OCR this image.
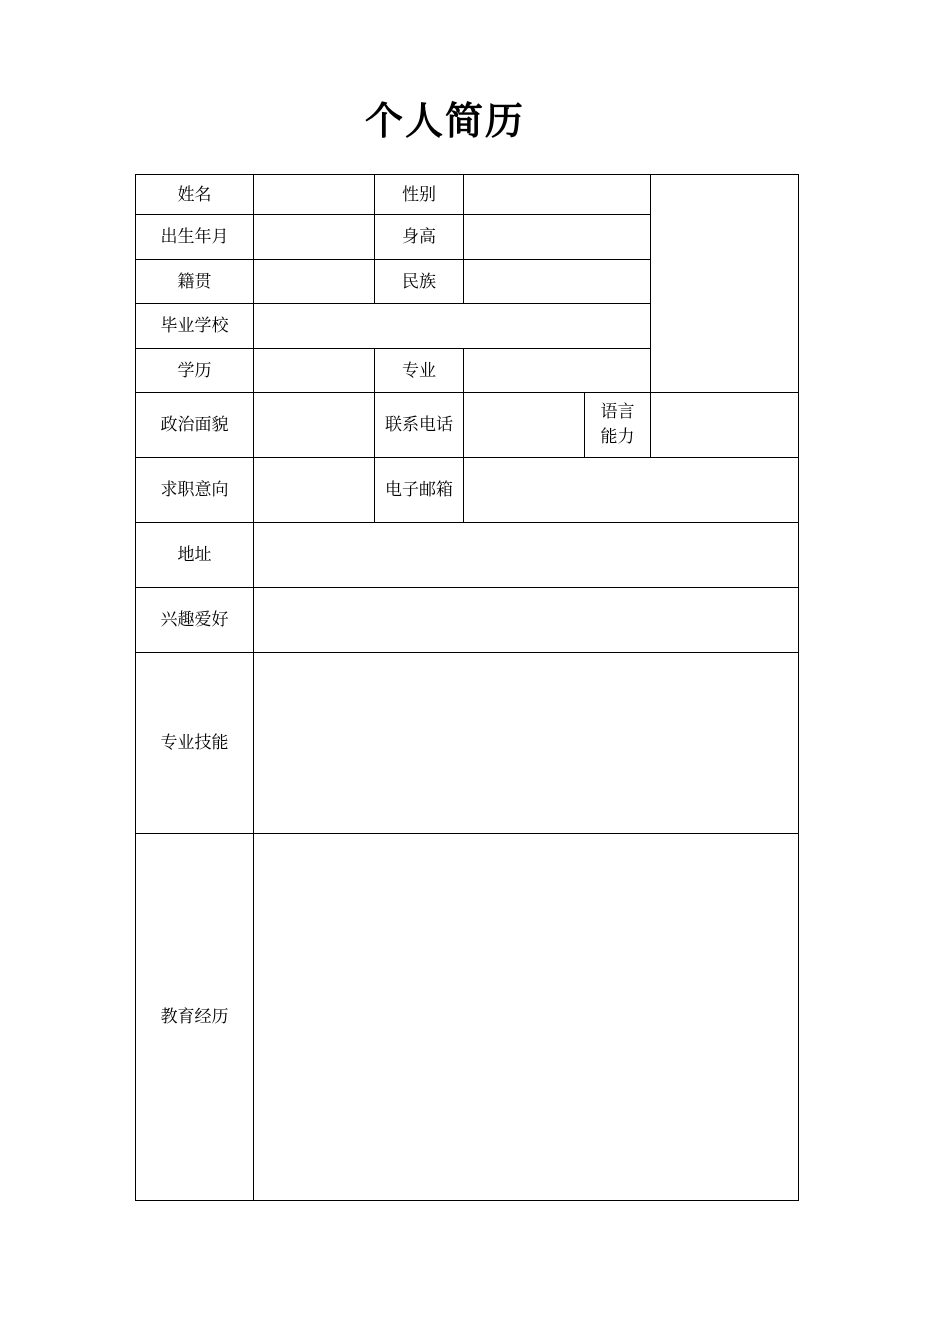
个人简历
姓名		性别			
出生年月		身高			
籍贯		民族			
毕业学校					
学历		专业			
政治面貌		联系电话		语言
能力	
求职意向		电子邮箱			
地址					
兴趣爱好					
专业技能					
教育经历					
